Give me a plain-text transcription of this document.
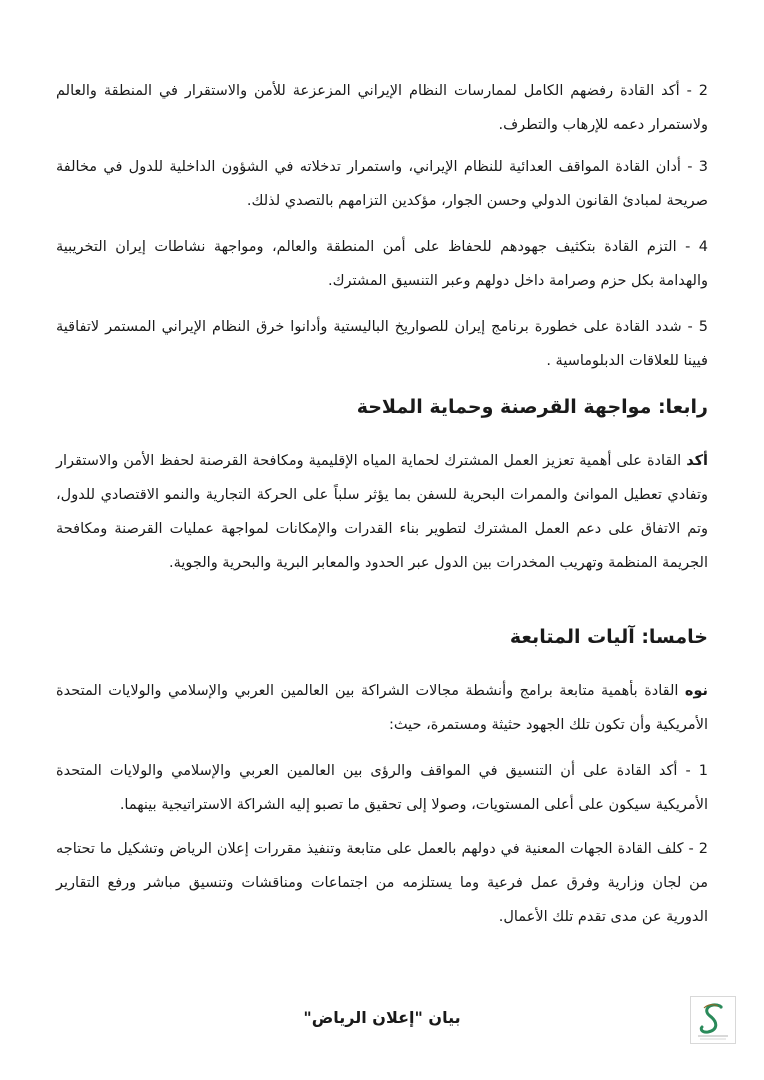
2 - أكد القادة رفضهم الكامل لممارسات النظام الإيراني المزعزعة للأمن والاستقرار في المنطقة والعالم ولاستمرار دعمه للإرهاب والتطرف.

3 - أدان القادة المواقف العدائية للنظام الإيراني، واستمرار تدخلاته في الشؤون الداخلية للدول في مخالفة صريحة لمبادئ القانون الدولي وحسن الجوار، مؤكدين التزامهم بالتصدي لذلك.

4 - التزم القادة بتكثيف جهودهم للحفاظ على أمن المنطقة والعالم، ومواجهة نشاطات إيران التخريبية والهدامة بكل حزم وصرامة داخل دولهم وعبر التنسيق المشترك.

5 - شدد القادة على خطورة برنامج إيران للصواريخ الباليستية وأدانوا خرق النظام الإيراني المستمر لاتفاقية فيينا للعلاقات الدبلوماسية .

رابعا: مواجهة القرصنة وحماية الملاحة

أكد القادة على أهمية تعزيز العمل المشترك لحماية المياه الإقليمية ومكافحة القرصنة لحفظ الأمن والاستقرار وتفادي تعطيل الموانئ والممرات البحرية للسفن بما يؤثر سلباً على الحركة التجارية والنمو الاقتصادي للدول، وتم الاتفاق على دعم العمل المشترك لتطوير بناء القدرات والإمكانات لمواجهة عمليات القرصنة ومكافحة الجريمة المنظمة وتهريب المخدرات بين الدول عبر الحدود والمعابر البرية والبحرية والجوية.

خامسا: آليات المتابعة

نوه القادة بأهمية متابعة برامج وأنشطة مجالات الشراكة بين العالمين العربي والإسلامي والولايات المتحدة الأمريكية وأن تكون تلك الجهود حثيثة ومستمرة، حيث:

1 - أكد القادة على أن التنسيق في المواقف والرؤى بين العالمين العربي والإسلامي والولايات المتحدة الأمريكية سيكون على أعلى المستويات، وصولا إلى تحقيق ما تصبو إليه الشراكة الاستراتيجية بينهما.

2 - كلف القادة الجهات المعنية في دولهم بالعمل على متابعة وتنفيذ مقررات إعلان الرياض وتشكيل ما تحتاجه من لجان وزارية وفرق عمل فرعية وما يستلزمه من اجتماعات ومناقشات وتنسيق مباشر ورفع التقارير الدورية عن مدى تقدم تلك الأعمال.

بيان "إعلان الرياض"
